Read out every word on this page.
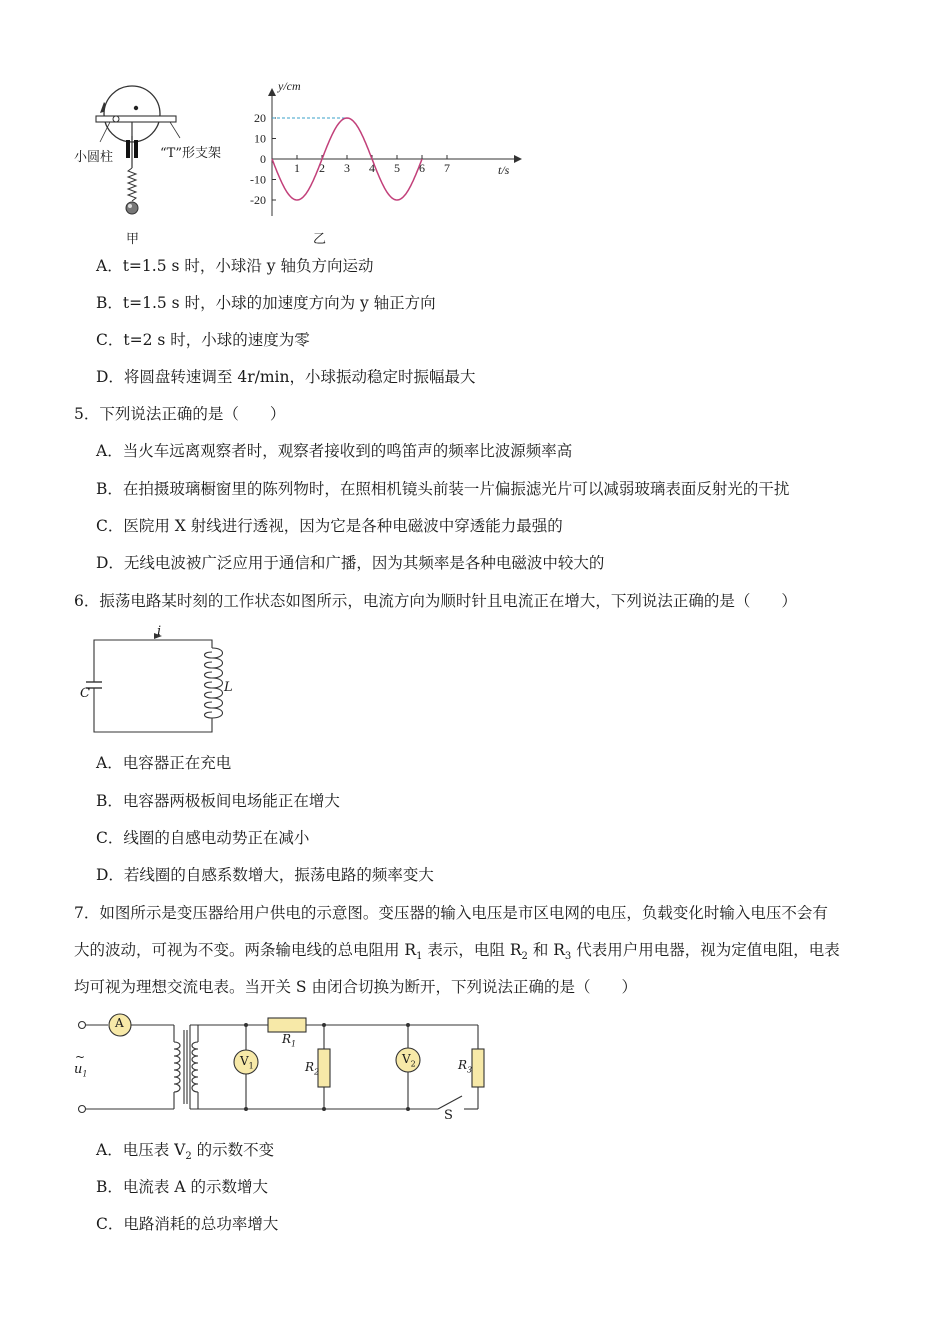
小圆柱	“T”形支架
甲
y/cm
t/s
20
10
0
-10
-20
1 2 3 4 5 6 7
乙
A．t=1.5 s 时，小球沿 y 轴负方向运动
B．t=1.5 s 时，小球的加速度方向为 y 轴正方向
C．t=2 s 时，小球的速度为零
D．将圆盘转速调至 4r/min，小球振动稳定时振幅最大
5．下列说法正确的是（　　）
A．当火车远离观察者时，观察者接收到的鸣笛声的频率比波源频率高
B．在拍摄玻璃橱窗里的陈列物时，在照相机镜头前装一片偏振滤光片可以减弱玻璃表面反射光的干扰
C．医院用 X 射线进行透视，因为它是各种电磁波中穿透能力最强的
D．无线电波被广泛应用于通信和广播，因为其频率是各种电磁波中较大的
6．振荡电路某时刻的工作状态如图所示，电流方向为顺时针且电流正在增大，下列说法正确的是（　　）
i
C	L
A．电容器正在充电
B．电容器两极板间电场能正在增大
C．线圈的自感电动势正在减小
D．若线圈的自感系数增大，振荡电路的频率变大
7．如图所示是变压器给用户供电的示意图。变压器的输入电压是市区电网的电压，负载变化时输入电压不会有
大的波动，可视为不变。两条输电线的总电阻用 $R_1$ 表示，电阻 $R_2$ 和 $R_3$ 代表用户用电器，视为定值电阻，电表
均可视为理想交流电表。当开关 S 由闭合切换为断开，下列说法正确的是（　　）
A
$V_1$	$V_2$
$R_1$
$R_2$	$R_3$
S
~
$u_1$
A．电压表 $V_2$ 的示数不变
B．电流表 A 的示数增大
C．电路消耗的总功率增大
